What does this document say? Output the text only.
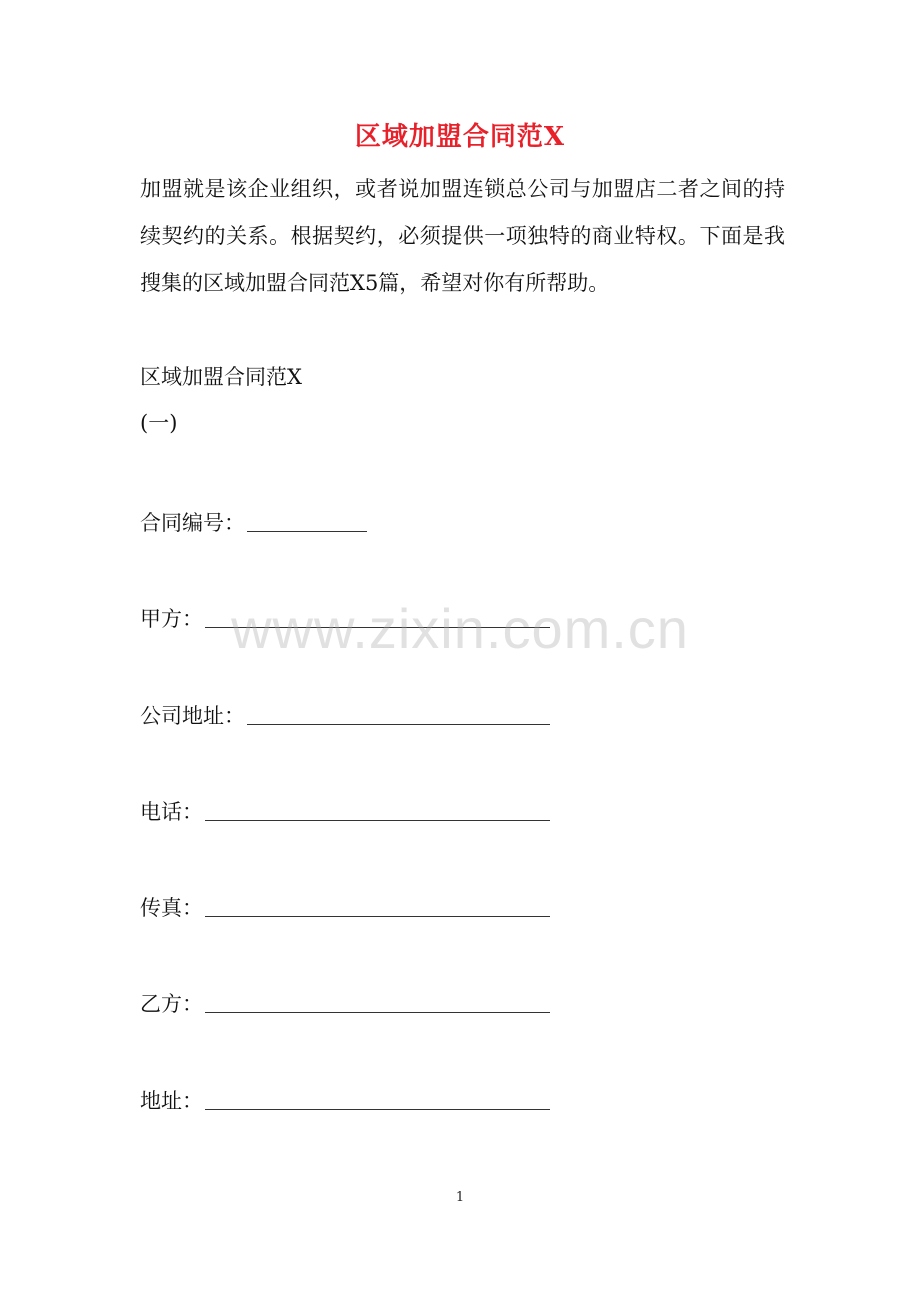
区域加盟合同范X
加盟就是该企业组织，或者说加盟连锁总公司与加盟店二者之间的持续契约的关系。根据契约，必须提供一项独特的商业特权。下面是我搜集的区域加盟合同范X5篇，希望对你有所帮助。
区域加盟合同范X
(一)
合同编号：
甲方：
公司地址：
电话：
传真：
乙方：
地址：
www.zixin.com.cn
1
